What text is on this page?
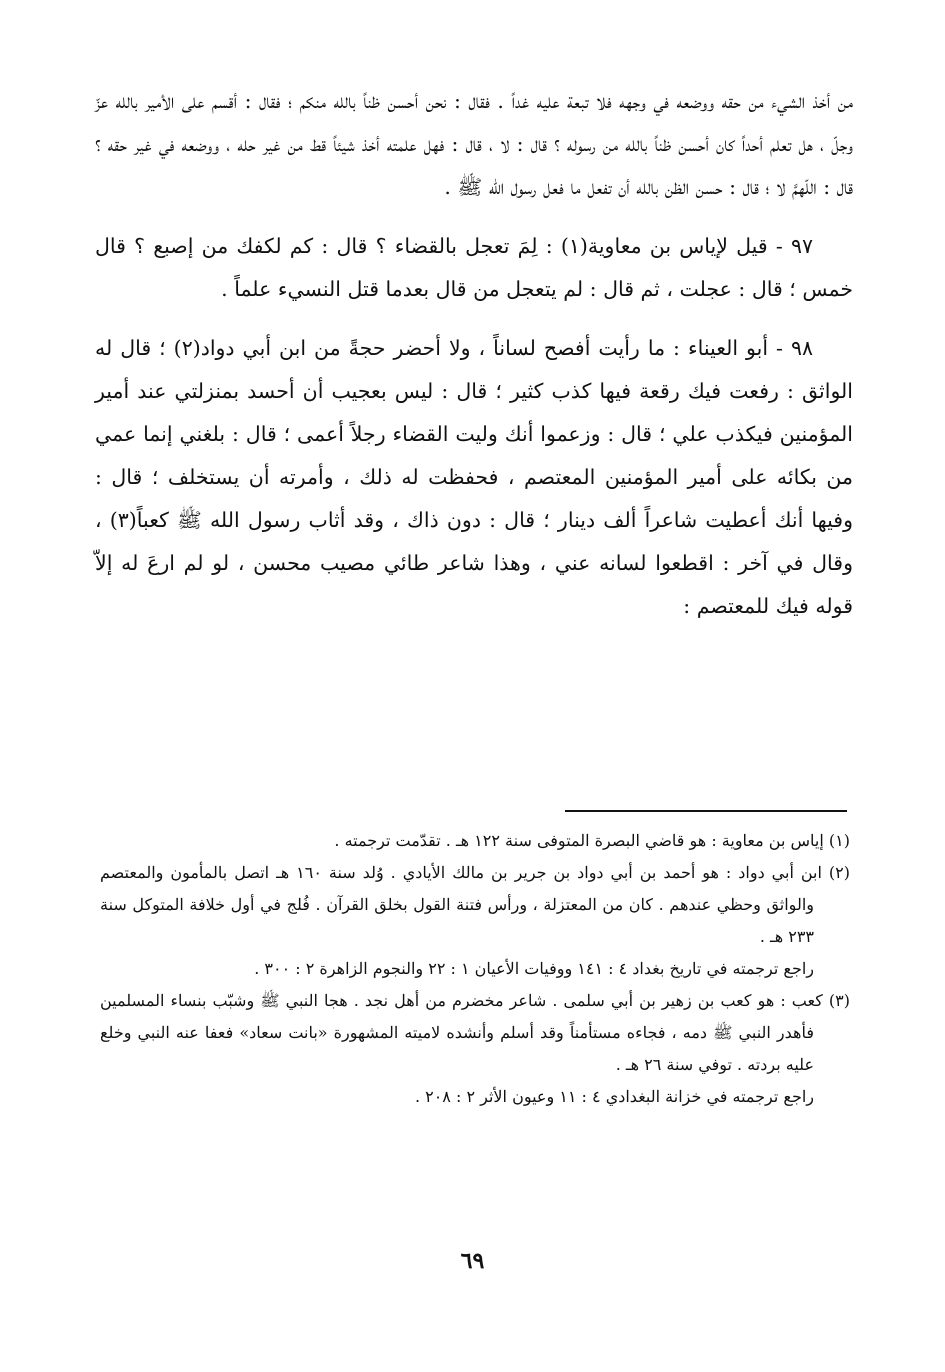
من أخذ الشيء من حقه ووضعه في وجهه فلا تبعة عليه غداً . فقال : نحن أحسن ظناً بالله منكم ؛ فقال : أقسم على الأمير بالله عزّ وجلّ ، هل تعلم أحداً كان أحسن ظناً بالله من رسوله ؟ قال : لا ، قال : فهل علمته أخذ شيئاً قط من غير حله ، ووضعه في غير حقه ؟ قال : اللّهمَّ لا ؛ قال : حسن الظن بالله أن تفعل ما فعل رسول الله ﷺ .

٩٧ - قيل لإياس بن معاوية(١) : لِمَ تعجل بالقضاء ؟ قال : كم لكفك من إصبع ؟ قال خمس ؛ قال : عجلت ، ثم قال : لم يتعجل من قال بعدما قتل النسيء علماً .

٩٨ - أبو العيناء : ما رأيت أفصح لساناً ، ولا أحضر حجةً من ابن أبي دواد(٢) ؛ قال له الواثق : رفعت فيك رقعة فيها كذب كثير ؛ قال : ليس بعجيب أن أحسد بمنزلتي عند أمير المؤمنين فيكذب علي ؛ قال : وزعموا أنك وليت القضاء رجلاً أعمى ؛ قال : بلغني إنما عمي من بكائه على أمير المؤمنين المعتصم ، فحفظت له ذلك ، وأمرته أن يستخلف ؛ قال : وفيها أنك أعطيت شاعراً ألف دينار ؛ قال : دون ذاك ، وقد أثاب رسول الله ﷺ كعباً(٣) ، وقال في آخر : اقطعوا لسانه عني ، وهذا شاعر طائي مصيب محسن ، لو لم ارعَ له إلاّ قوله فيك للمعتصم :

(١) إياس بن معاوية : هو قاضي البصرة المتوفى سنة ١٢٢ هـ . تقدّمت ترجمته .

(٢) ابن أبي دواد : هو أحمد بن أبي دواد بن جرير بن مالك الأيادي . وُلد سنة ١٦٠ هـ اتصل بالمأمون والمعتصم والواثق وحظي عندهم . كان من المعتزلة ، ورأس فتنة القول بخلق القرآن . فُلج في أول خلافة المتوكل سنة ٢٣٣ هـ .

راجع ترجمته في تاريخ بغداد ٤ : ١٤١ ووفيات الأعيان ١ : ٢٢ والنجوم الزاهرة ٢ : ٣٠٠ .

(٣) كعب : هو كعب بن زهير بن أبي سلمى . شاعر مخضرم من أهل نجد . هجا النبي ﷺ وشبّب بنساء المسلمين فأهدر النبي ﷺ دمه ، فجاءه مستأمناً وقد أسلم وأنشده لاميته المشهورة «بانت سعاد» فعفا عنه النبي وخلع عليه بردته . توفي سنة ٢٦ هـ .

راجع ترجمته في خزانة البغدادي ٤ : ١١ وعيون الأثر ٢ : ٢٠٨ .

٦٩
